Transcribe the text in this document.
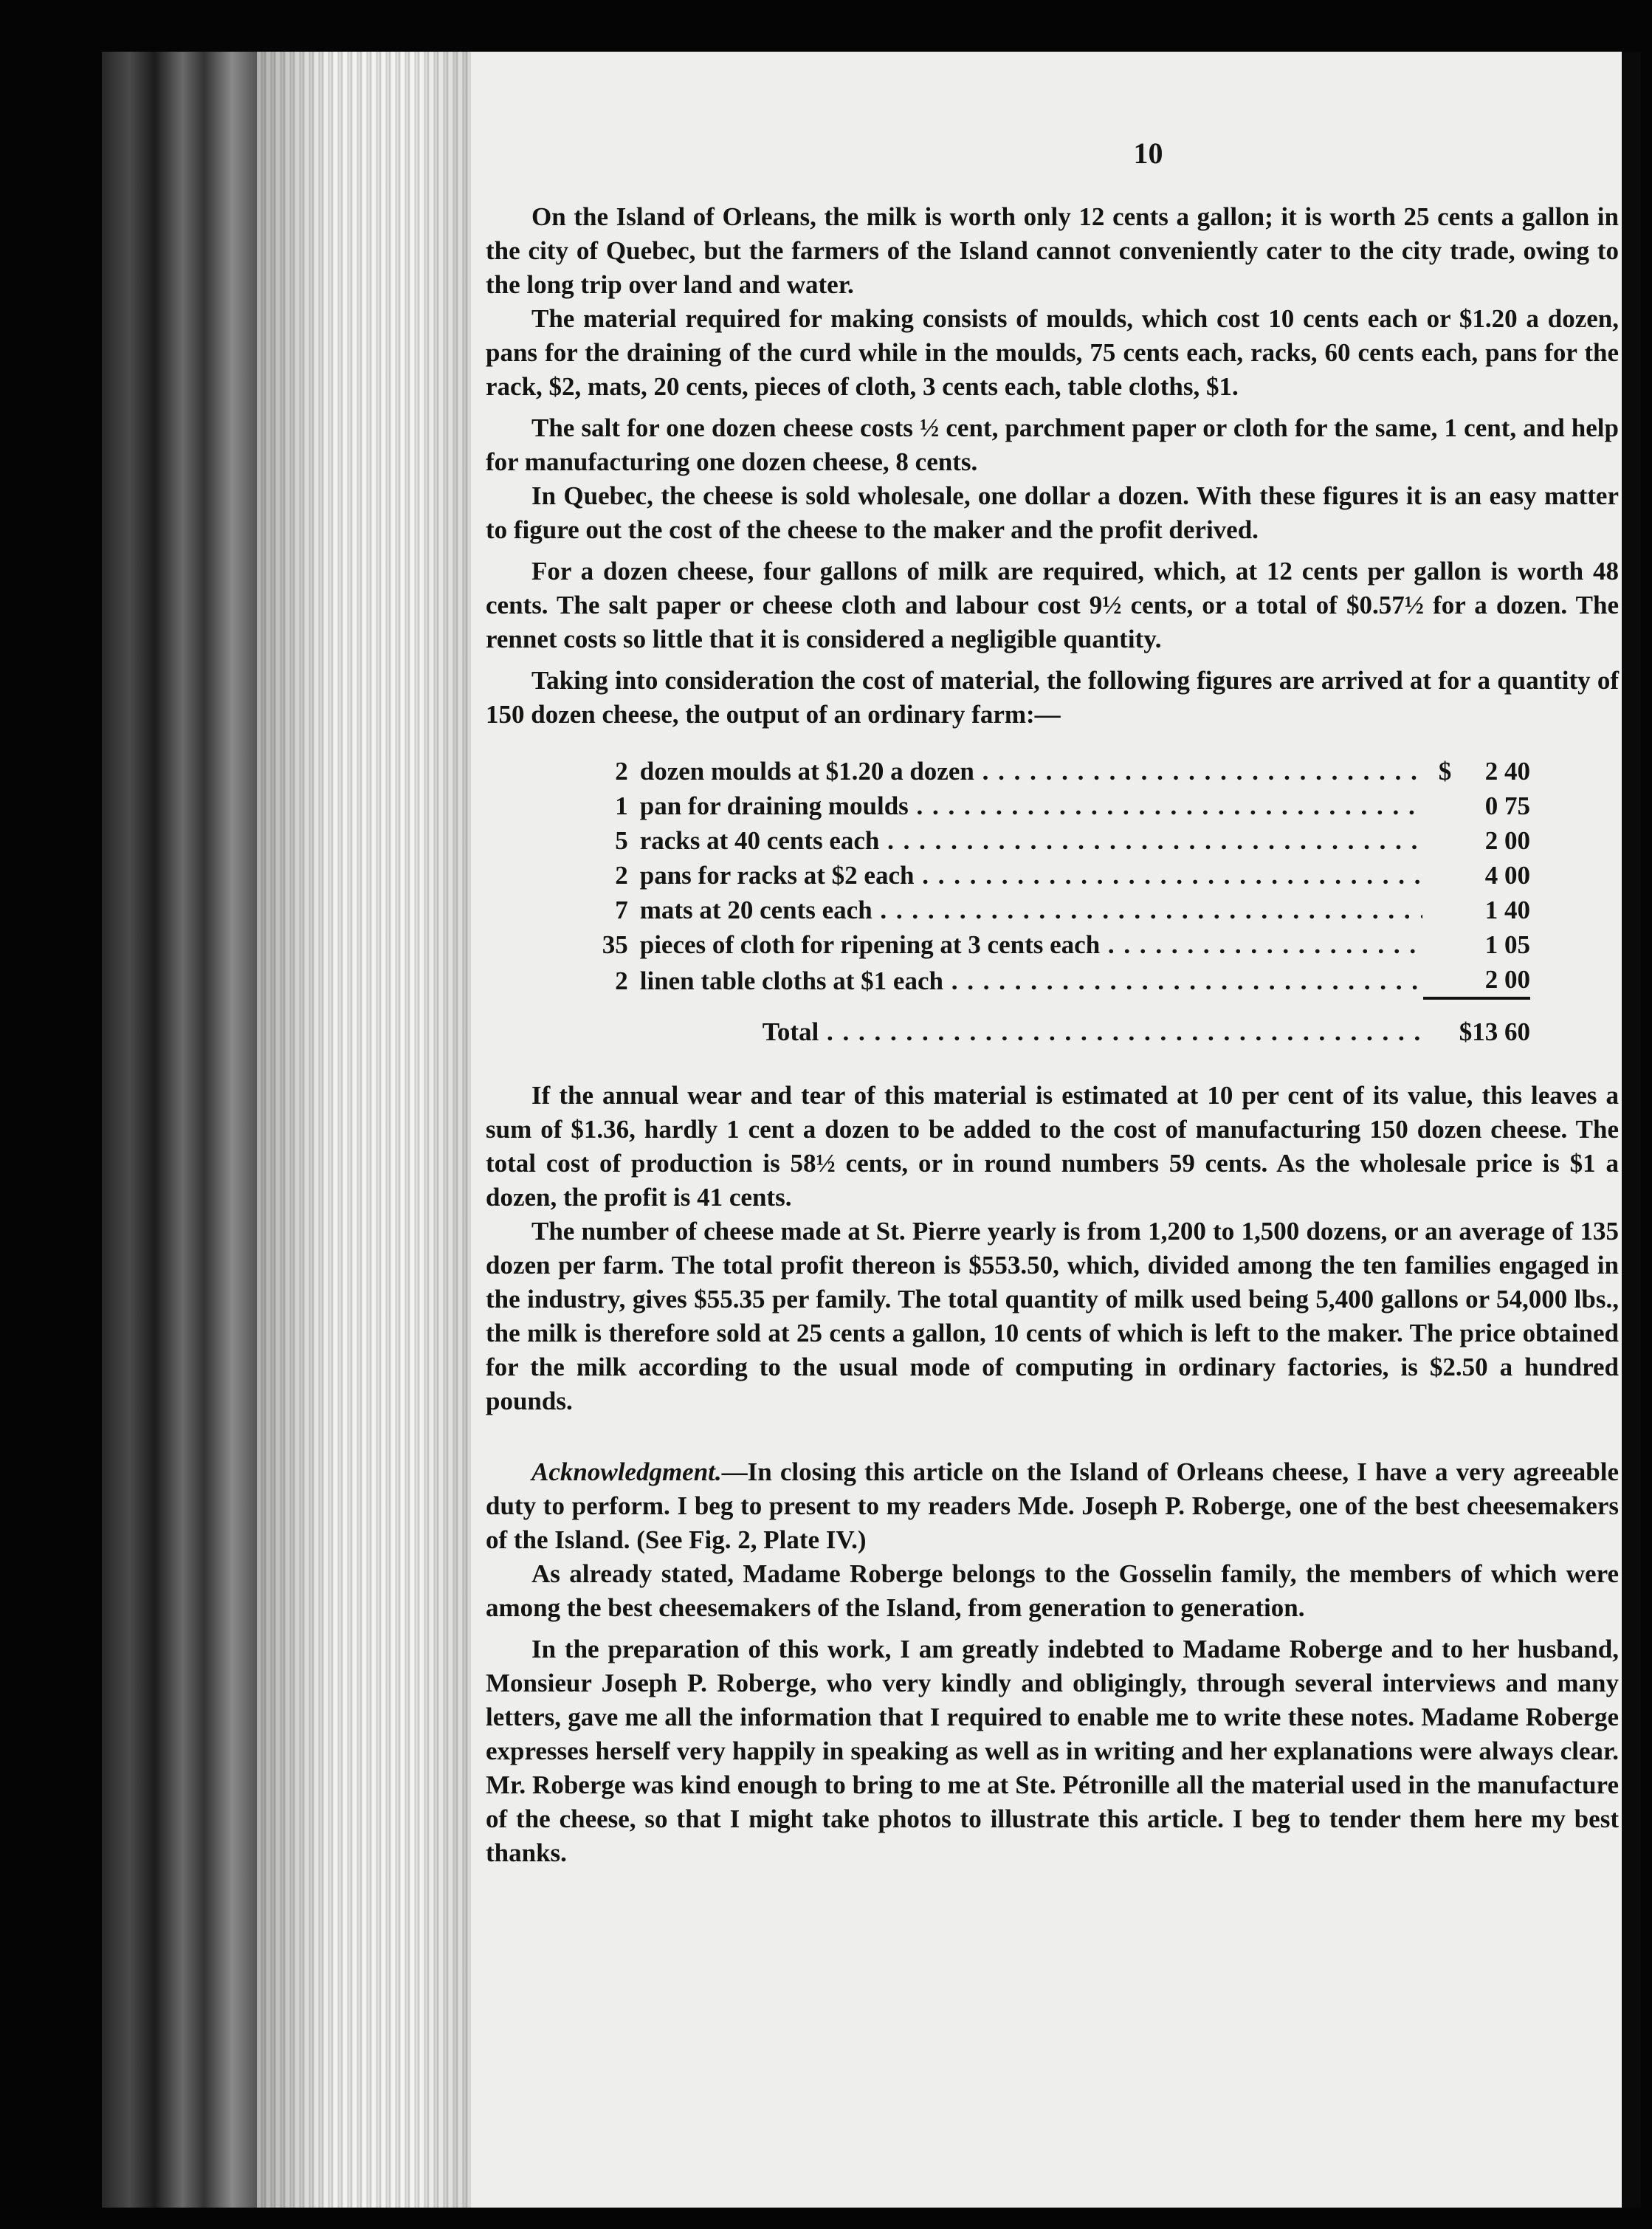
10

On the Island of Orleans, the milk is worth only 12 cents a gallon; it is worth 25 cents a gallon in the city of Quebec, but the farmers of the Island cannot conveniently cater to the city trade, owing to the long trip over land and water.

The material required for making consists of moulds, which cost 10 cents each or $1.20 a dozen, pans for the draining of the curd while in the moulds, 75 cents each, racks, 60 cents each, pans for the rack, $2, mats, 20 cents, pieces of cloth, 3 cents each, table cloths, $1.

The salt for one dozen cheese costs ½ cent, parchment paper or cloth for the same, 1 cent, and help for manufacturing one dozen cheese, 8 cents.

In Quebec, the cheese is sold wholesale, one dollar a dozen. With these figures it is an easy matter to figure out the cost of the cheese to the maker and the profit derived.

For a dozen cheese, four gallons of milk are required, which, at 12 cents per gallon is worth 48 cents. The salt paper or cheese cloth and labour cost 9½ cents, or a total of $0.57½ for a dozen. The rennet costs so little that it is considered a negligible quantity.

Taking into consideration the cost of material, the following figures are arrived at for a quantity of 150 dozen cheese, the output of an ordinary farm:—

2	dozen moulds at $1.20 a dozen . . .	$	2 40
1	pan for draining moulds . . .		0 75
5	racks at 40 cents each . . .		2 00
2	pans for racks at $2 each . . .		4 00
7	mats at 20 cents each . . .		1 40
35	pieces of cloth for ripening at 3 cents each . . .		1 05
2	linen table cloths at $1 each . . .		2 00

	Total . . .	$13 60	

If the annual wear and tear of this material is estimated at 10 per cent of its value, this leaves a sum of $1.36, hardly 1 cent a dozen to be added to the cost of manufacturing 150 dozen cheese. The total cost of production is 58½ cents, or in round numbers 59 cents. As the wholesale price is $1 a dozen, the profit is 41 cents.

The number of cheese made at St. Pierre yearly is from 1,200 to 1,500 dozens, or an average of 135 dozen per farm. The total profit thereon is $553.50, which, divided among the ten families engaged in the industry, gives $55.35 per family. The total quantity of milk used being 5,400 gallons or 54,000 lbs., the milk is therefore sold at 25 cents a gallon, 10 cents of which is left to the maker. The price obtained for the milk according to the usual mode of computing in ordinary factories, is $2.50 a hundred pounds.

Acknowledgment.—In closing this article on the Island of Orleans cheese, I have a very agreeable duty to perform. I beg to present to my readers Mde. Joseph P. Roberge, one of the best cheesemakers of the Island. (See Fig. 2, Plate IV.)

As already stated, Madame Roberge belongs to the Gosselin family, the members of which were among the best cheesemakers of the Island, from generation to generation.

In the preparation of this work, I am greatly indebted to Madame Roberge and to her husband, Monsieur Joseph P. Roberge, who very kindly and obligingly, through several interviews and many letters, gave me all the information that I required to enable me to write these notes. Madame Roberge expresses herself very happily in speaking as well as in writing and her explanations were always clear. Mr. Roberge was kind enough to bring to me at Ste. Pétronille all the material used in the manufacture of the cheese, so that I might take photos to illustrate this article. I beg to tender them here my best thanks.
